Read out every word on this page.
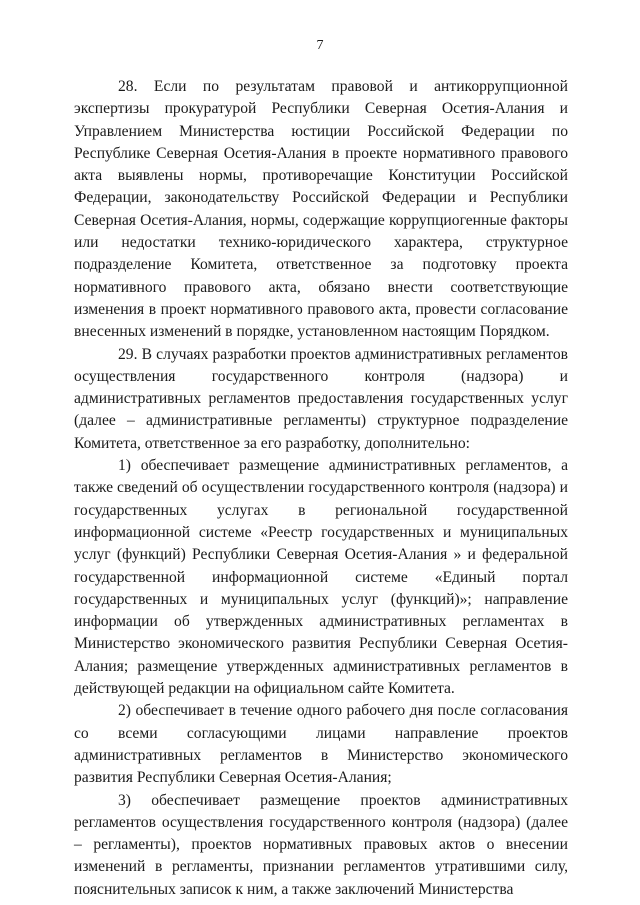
7

28. Если по результатам правовой и антикоррупционной экспертизы прокуратурой Республики Северная Осетия-Алания и Управлением Министерства юстиции Российской Федерации по Республике Северная Осетия-Алания в проекте нормативного правового акта выявлены нормы, противоречащие Конституции Российской Федерации, законодательству Российской Федерации и Республики Северная Осетия-Алания, нормы, содержащие коррупциогенные факторы или недостатки технико-юридического характера, структурное подразделение Комитета, ответственное за подготовку проекта нормативного правового акта, обязано внести соответствующие изменения в проект нормативного правового акта, провести согласование внесенных изменений в порядке, установленном настоящим Порядком.

29. В случаях разработки проектов административных регламентов осуществления государственного контроля (надзора) и административных регламентов предоставления государственных услуг (далее – административные регламенты) структурное подразделение Комитета, ответственное за его разработку, дополнительно:

1) обеспечивает размещение административных регламентов, а также сведений об осуществлении государственного контроля (надзора) и государственных услугах в региональной государственной информационной системе «Реестр государственных и муниципальных услуг (функций) Республики Северная Осетия-Алания » и федеральной государственной информационной системе «Единый портал государственных и муниципальных услуг (функций)»; направление информации об утвержденных административных регламентах в Министерство экономического развития Республики Северная Осетия-Алания; размещение утвержденных административных регламентов в действующей редакции на официальном сайте Комитета.

2) обеспечивает в течение одного рабочего дня после согласования со всеми согласующими лицами направление проектов административных регламентов в Министерство экономического развития Республики Северная Осетия-Алания;

3) обеспечивает размещение проектов административных регламентов осуществления государственного контроля (надзора) (далее – регламенты), проектов нормативных правовых актов о внесении изменений в регламенты, признании регламентов утратившими силу, пояснительных записок к ним, а также заключений Министерства
